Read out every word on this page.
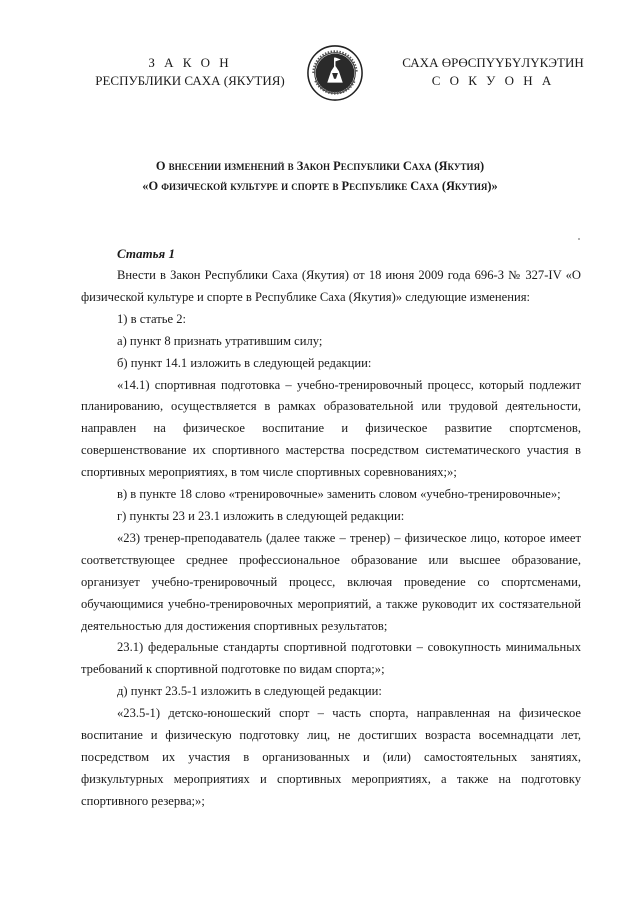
З А К О Н
РЕСПУБЛИКИ САХА (ЯКУТИЯ)
САХА ӨРӨСПҮҮБҮЛҮКЭТИН
С О К У О Н А
О внесении изменений в Закон Республики Саха (Якутия)
«О физической культуре и спорте в Республике Саха (Якутия)»
Статья 1

Внести в Закон Республики Саха (Якутия) от 18 июня 2009 года 696-З № 327-IV «О физической культуре и спорте в Республике Саха (Якутия)» следующие изменения:

1) в статье 2:

а) пункт 8 признать утратившим силу;

б) пункт 14.1 изложить в следующей редакции:

«14.1) спортивная подготовка – учебно-тренировочный процесс, который подлежит планированию, осуществляется в рамках образовательной или трудовой деятельности, направлен на физическое воспитание и физическое развитие спортсменов, совершенствование их спортивного мастерства посредством систематического участия в спортивных мероприятиях, в том числе спортивных соревнованиях;»;

в) в пункте 18 слово «тренировочные» заменить словом «учебно-тренировочные»;

г) пункты 23 и 23.1 изложить в следующей редакции:

«23) тренер-преподаватель (далее также – тренер) – физическое лицо, которое имеет соответствующее среднее профессиональное образование или высшее образование, организует учебно-тренировочный процесс, включая проведение со спортсменами, обучающимися учебно-тренировочных мероприятий, а также руководит их состязательной деятельностью для достижения спортивных результатов;

23.1) федеральные стандарты спортивной подготовки – совокупность минимальных требований к спортивной подготовке по видам спорта;»;

д) пункт 23.5-1 изложить в следующей редакции:

«23.5-1) детско-юношеский спорт – часть спорта, направленная на физическое воспитание и физическую подготовку лиц, не достигших возраста восемнадцати лет, посредством их участия в организованных и (или) самостоятельных занятиях, физкультурных мероприятиях и спортивных мероприятиях, а также на подготовку спортивного резерва;»;
